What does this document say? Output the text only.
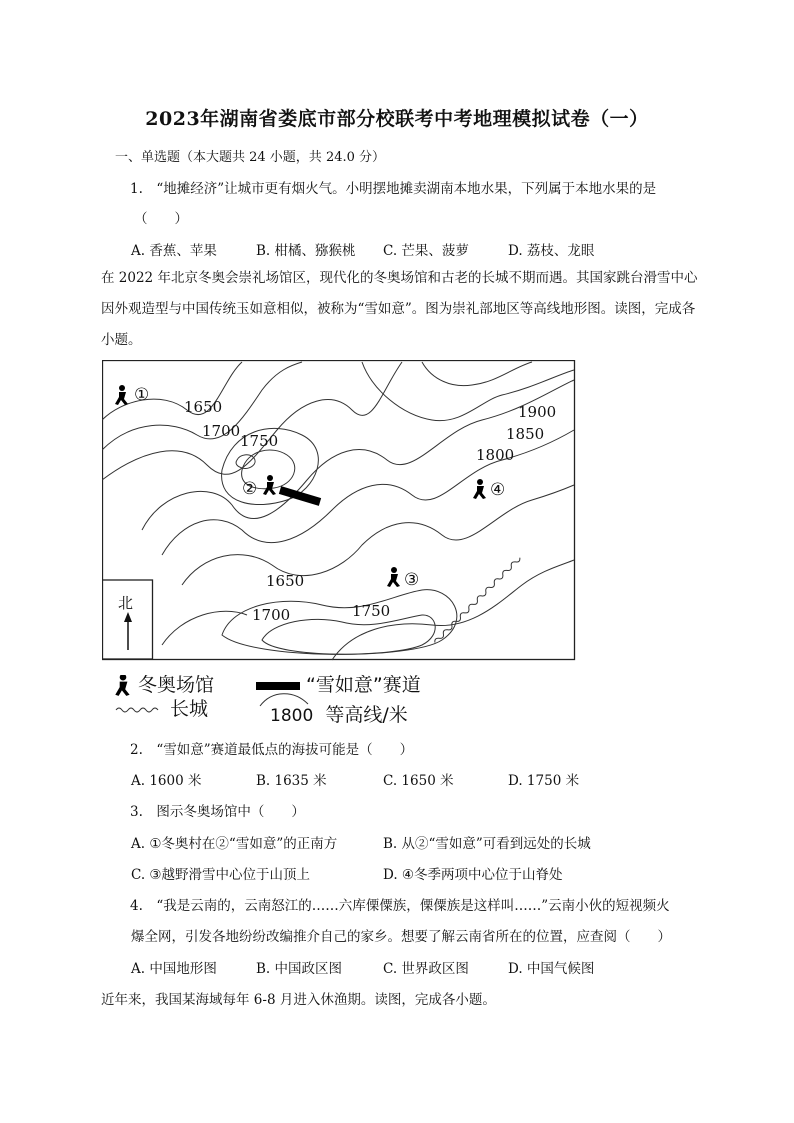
2023年湖南省娄底市部分校联考中考地理模拟试卷（一）
一、单选题（本大题共 24 小题，共 24.0 分）
1.　“地摊经济”让城市更有烟火气。小明摆地摊卖湖南本地水果，下列属于本地水果的是
（　　）
A. 香蕉、苹果	B. 柑橘、猕猴桃 C. 芒果、菠萝	D. 荔枝、龙眼
在 2022 年北京冬奥会崇礼场馆区，现代化的冬奥场馆和古老的长城不期而遇。其国家跳台滑雪中心因外观造型与中国传统玉如意相似，被称为“雪如意”。图为崇礼部地区等高线地形图。读图，完成各小题。
北
1650
1700
1750
1900
1850
1800
1650
1700	1750
①
②
③
④
冬奥场馆	“雪如意”赛道
长城	1800 等高线/米
2.　“雪如意”赛道最低点的海拔可能是（　　）
A. 1600 米	B. 1635 米	C. 1650 米	D. 1750 米
3.　图示冬奥场馆中（　　）
A. ①冬奥村在②“雪如意”的正南方	B. 从②“雪如意”可看到远处的长城
C. ③越野滑雪中心位于山顶上	D. ④冬季两项中心位于山脊处
4.　“我是云南的，云南怒江的……六库傈僳族，傈僳族是这样叫……”云南小伙的短视频火
爆全网，引发各地纷纷改编推介自己的家乡。想要了解云南省所在的位置，应查阅（　　）
A. 中国地形图	B. 中国政区图	C. 世界政区图	D. 中国气候图
近年来，我国某海域每年 6-8 月进入休渔期。读图，完成各小题。
